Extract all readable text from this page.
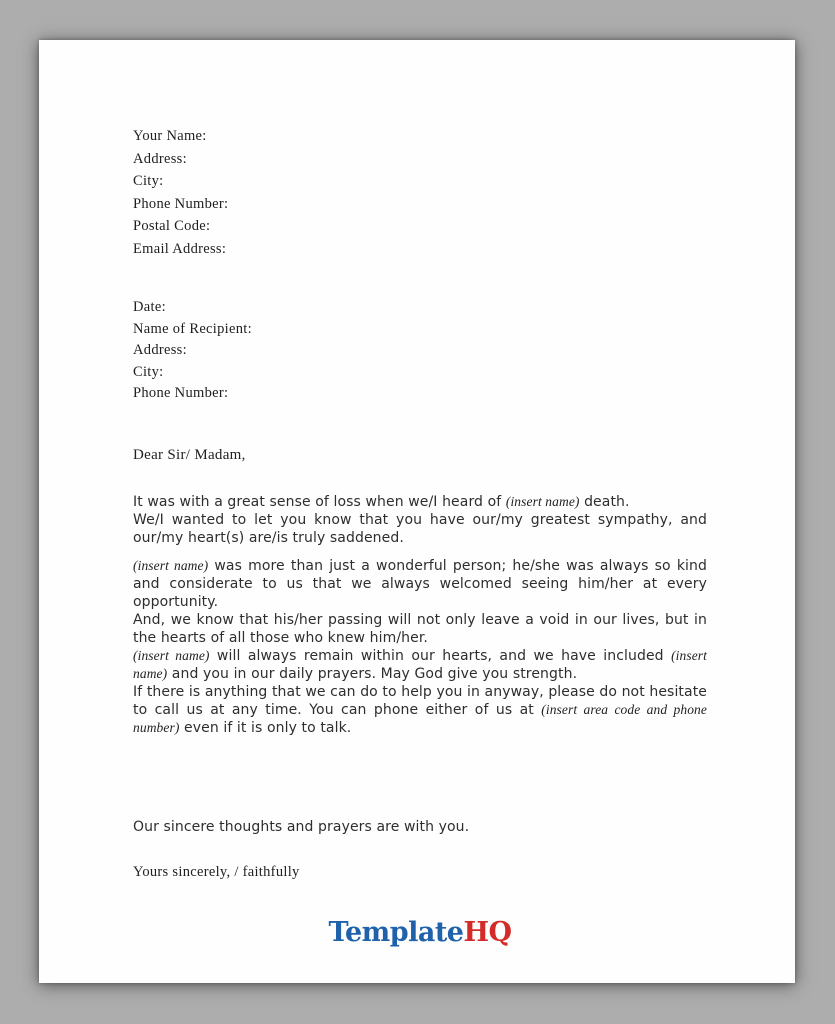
Your Name:
Address:
City:
Phone Number:
Postal Code:
Email Address:
Date:
Name of Recipient:
Address:
City:
Phone Number:
Dear Sir/ Madam,

It was with a great sense of loss when we/I heard of (insert name) death.

We/I wanted to let you know that you have our/my greatest sympathy, and our/my heart(s) are/is truly saddened.

(insert name) was more than just a wonderful person; he/she was always so kind and considerate to us that we always welcomed seeing him/her at every opportunity.

And, we know that his/her passing will not only leave a void in our lives, but in the hearts of all those who knew him/her.

(insert name) will always remain within our hearts, and we have included (insert name) and you in our daily prayers. May God give you strength.

If there is anything that we can do to help you in anyway, please do not hesitate to call us at any time. You can phone either of us at (insert area code and phone number) even if it is only to talk.

Our sincere thoughts and prayers are with you.
Yours sincerely, / faithfully
TemplateHQ
